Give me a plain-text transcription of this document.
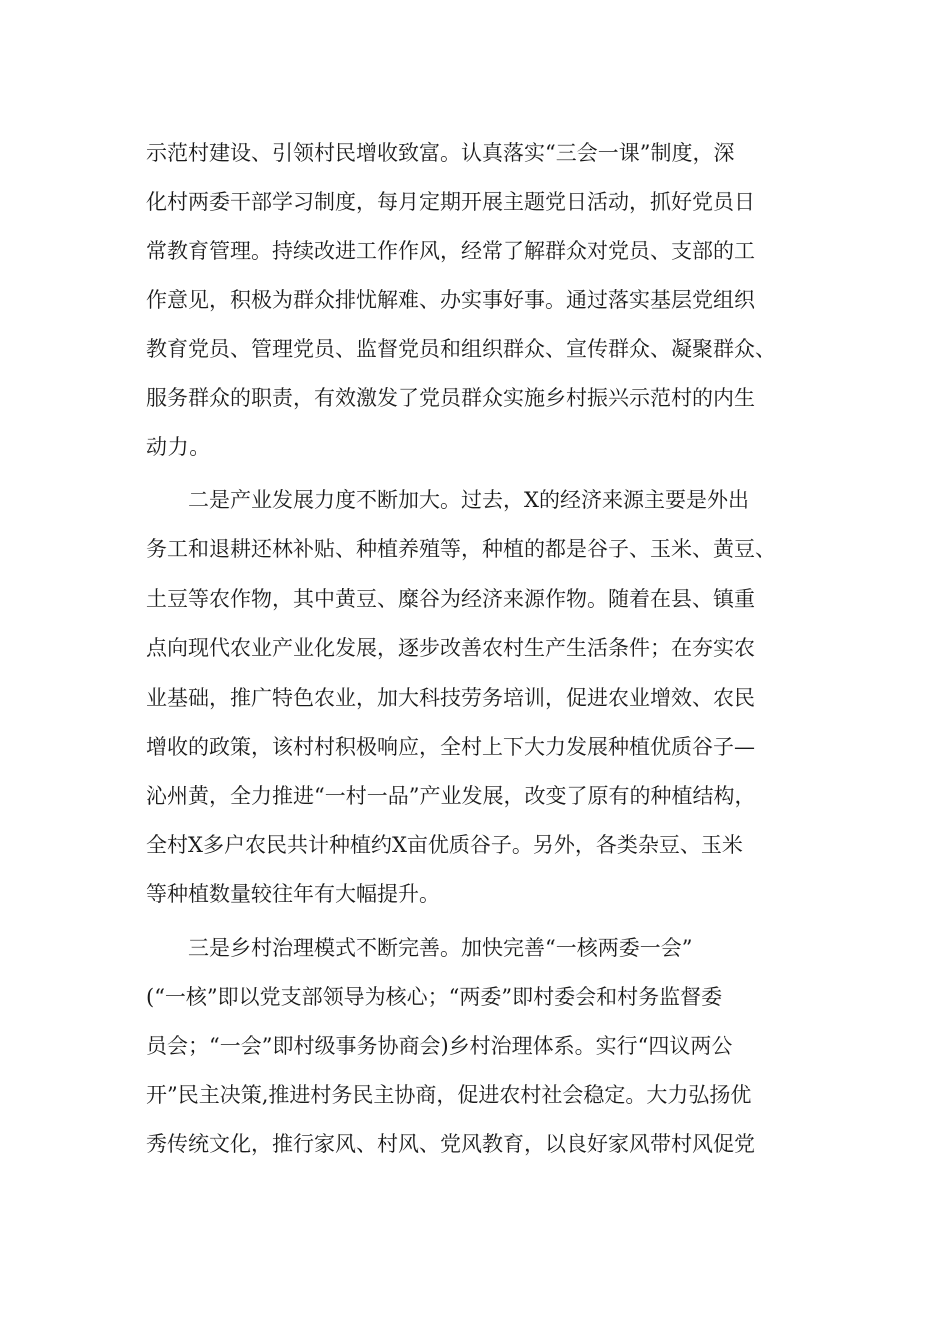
示范村建设、引领村民增收致富。认真落实“三会一课”制度，深
化村两委干部学习制度，每月定期开展主题党日活动，抓好党员日
常教育管理。持续改进工作作风，经常了解群众对党员、支部的工
作意见，积极为群众排忧解难、办实事好事。通过落实基层党组织
教育党员、管理党员、监督党员和组织群众、宣传群众、凝聚群众、
服务群众的职责，有效激发了党员群众实施乡村振兴示范村的内生
动力。
二是产业发展力度不断加大。过去，X的经济来源主要是外出
务工和退耕还林补贴、种植养殖等，种植的都是谷子、玉米、黄豆、
土豆等农作物，其中黄豆、糜谷为经济来源作物。随着在县、镇重
点向现代农业产业化发展，逐步改善农村生产生活条件；在夯实农
业基础，推广特色农业，加大科技劳务培训，促进农业增效、农民
增收的政策，该村村积极响应，全村上下大力发展种植优质谷子—
沁州黄，全力推进“一村一品”产业发展，改变了原有的种植结构，
全村X多户农民共计种植约X亩优质谷子。另外，各类杂豆、玉米
等种植数量较往年有大幅提升。
三是乡村治理模式不断完善。加快完善“一核两委一会”
(“一核”即以党支部领导为核心；“两委”即村委会和村务监督委
员会；“一会”即村级事务协商会)乡村治理体系。实行“四议两公
开”民主决策,推进村务民主协商，促进农村社会稳定。大力弘扬优
秀传统文化，推行家风、村风、党风教育，以良好家风带村风促党
